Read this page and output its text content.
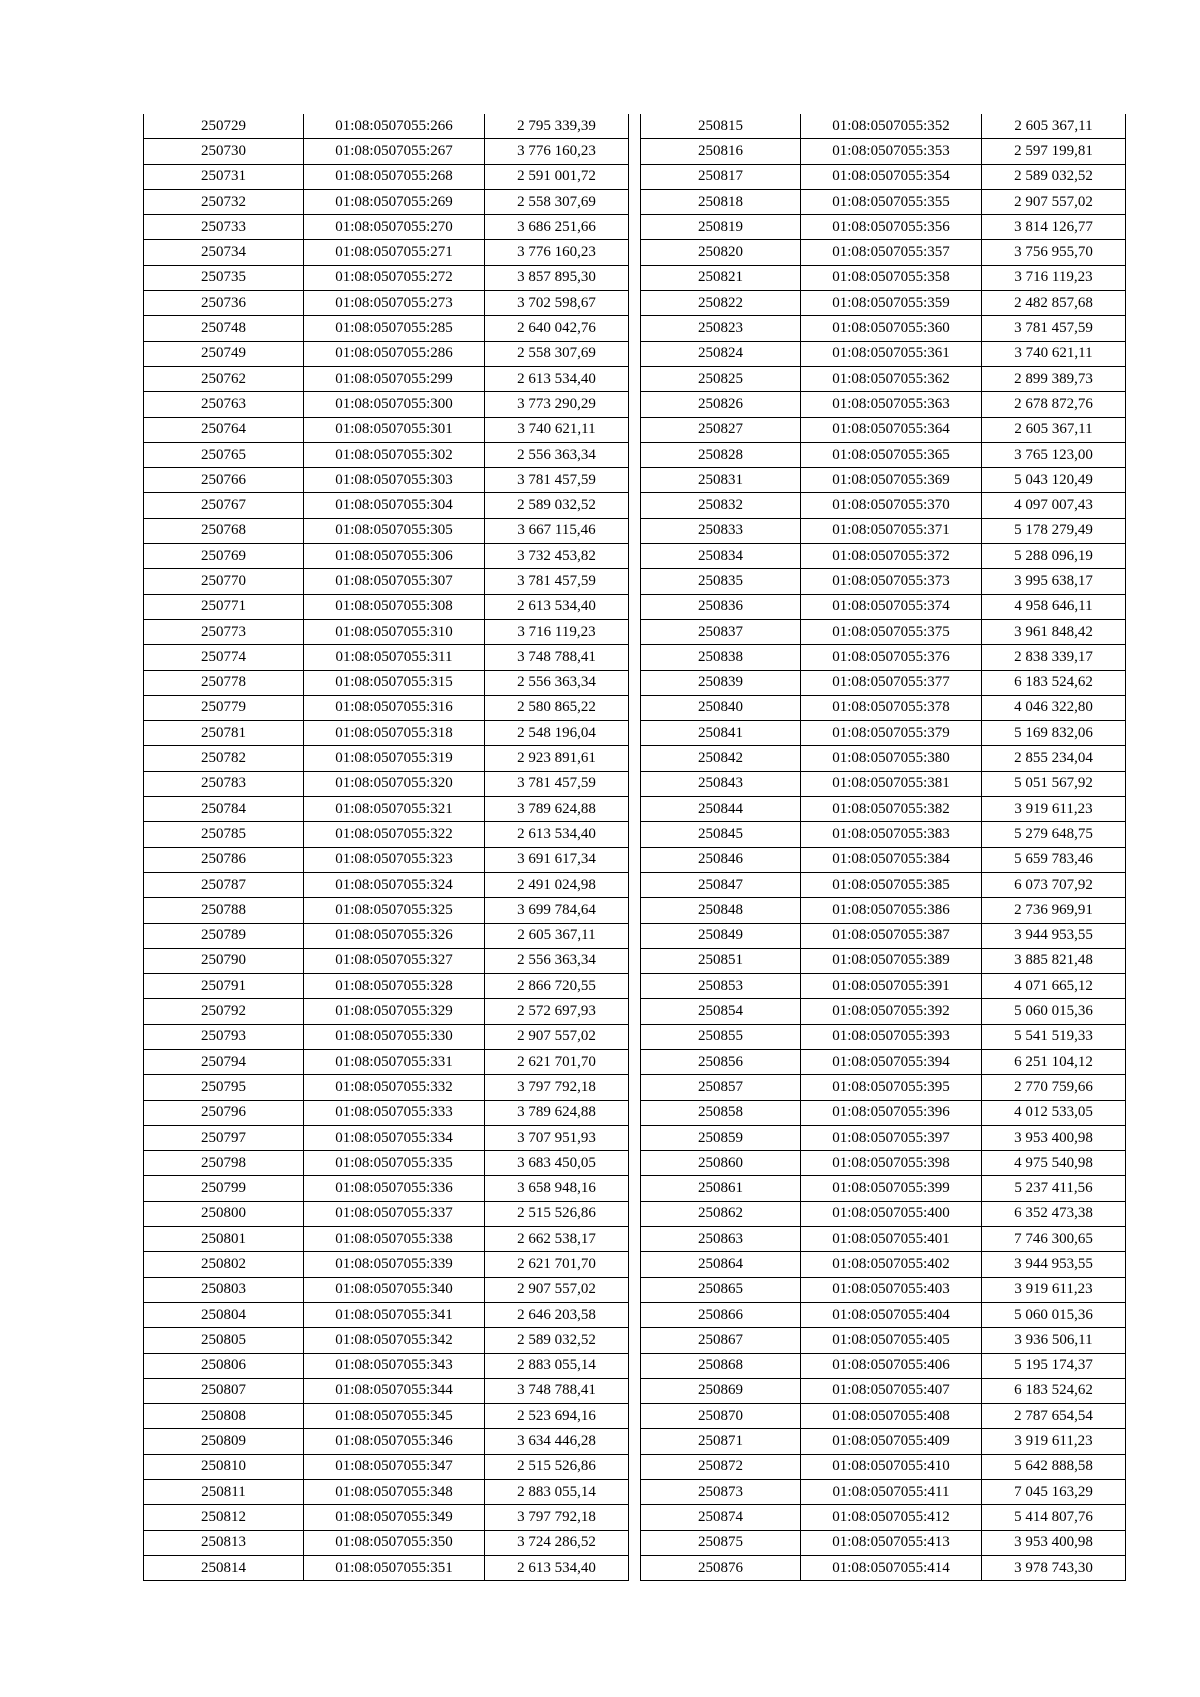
250729	01:08:0507055:266	2 795 339,39
250730	01:08:0507055:267	3 776 160,23
250731	01:08:0507055:268	2 591 001,72
250732	01:08:0507055:269	2 558 307,69
250733	01:08:0507055:270	3 686 251,66
250734	01:08:0507055:271	3 776 160,23
250735	01:08:0507055:272	3 857 895,30
250736	01:08:0507055:273	3 702 598,67
250748	01:08:0507055:285	2 640 042,76
250749	01:08:0507055:286	2 558 307,69
250762	01:08:0507055:299	2 613 534,40
250763	01:08:0507055:300	3 773 290,29
250764	01:08:0507055:301	3 740 621,11
250765	01:08:0507055:302	2 556 363,34
250766	01:08:0507055:303	3 781 457,59
250767	01:08:0507055:304	2 589 032,52
250768	01:08:0507055:305	3 667 115,46
250769	01:08:0507055:306	3 732 453,82
250770	01:08:0507055:307	3 781 457,59
250771	01:08:0507055:308	2 613 534,40
250773	01:08:0507055:310	3 716 119,23
250774	01:08:0507055:311	3 748 788,41
250778	01:08:0507055:315	2 556 363,34
250779	01:08:0507055:316	2 580 865,22
250781	01:08:0507055:318	2 548 196,04
250782	01:08:0507055:319	2 923 891,61
250783	01:08:0507055:320	3 781 457,59
250784	01:08:0507055:321	3 789 624,88
250785	01:08:0507055:322	2 613 534,40
250786	01:08:0507055:323	3 691 617,34
250787	01:08:0507055:324	2 491 024,98
250788	01:08:0507055:325	3 699 784,64
250789	01:08:0507055:326	2 605 367,11
250790	01:08:0507055:327	2 556 363,34
250791	01:08:0507055:328	2 866 720,55
250792	01:08:0507055:329	2 572 697,93
250793	01:08:0507055:330	2 907 557,02
250794	01:08:0507055:331	2 621 701,70
250795	01:08:0507055:332	3 797 792,18
250796	01:08:0507055:333	3 789 624,88
250797	01:08:0507055:334	3 707 951,93
250798	01:08:0507055:335	3 683 450,05
250799	01:08:0507055:336	3 658 948,16
250800	01:08:0507055:337	2 515 526,86
250801	01:08:0507055:338	2 662 538,17
250802	01:08:0507055:339	2 621 701,70
250803	01:08:0507055:340	2 907 557,02
250804	01:08:0507055:341	2 646 203,58
250805	01:08:0507055:342	2 589 032,52
250806	01:08:0507055:343	2 883 055,14
250807	01:08:0507055:344	3 748 788,41
250808	01:08:0507055:345	2 523 694,16
250809	01:08:0507055:346	3 634 446,28
250810	01:08:0507055:347	2 515 526,86
250811	01:08:0507055:348	2 883 055,14
250812	01:08:0507055:349	3 797 792,18
250813	01:08:0507055:350	3 724 286,52
250814	01:08:0507055:351	2 613 534,40
250815	01:08:0507055:352	2 605 367,11
250816	01:08:0507055:353	2 597 199,81
250817	01:08:0507055:354	2 589 032,52
250818	01:08:0507055:355	2 907 557,02
250819	01:08:0507055:356	3 814 126,77
250820	01:08:0507055:357	3 756 955,70
250821	01:08:0507055:358	3 716 119,23
250822	01:08:0507055:359	2 482 857,68
250823	01:08:0507055:360	3 781 457,59
250824	01:08:0507055:361	3 740 621,11
250825	01:08:0507055:362	2 899 389,73
250826	01:08:0507055:363	2 678 872,76
250827	01:08:0507055:364	2 605 367,11
250828	01:08:0507055:365	3 765 123,00
250831	01:08:0507055:369	5 043 120,49
250832	01:08:0507055:370	4 097 007,43
250833	01:08:0507055:371	5 178 279,49
250834	01:08:0507055:372	5 288 096,19
250835	01:08:0507055:373	3 995 638,17
250836	01:08:0507055:374	4 958 646,11
250837	01:08:0507055:375	3 961 848,42
250838	01:08:0507055:376	2 838 339,17
250839	01:08:0507055:377	6 183 524,62
250840	01:08:0507055:378	4 046 322,80
250841	01:08:0507055:379	5 169 832,06
250842	01:08:0507055:380	2 855 234,04
250843	01:08:0507055:381	5 051 567,92
250844	01:08:0507055:382	3 919 611,23
250845	01:08:0507055:383	5 279 648,75
250846	01:08:0507055:384	5 659 783,46
250847	01:08:0507055:385	6 073 707,92
250848	01:08:0507055:386	2 736 969,91
250849	01:08:0507055:387	3 944 953,55
250851	01:08:0507055:389	3 885 821,48
250853	01:08:0507055:391	4 071 665,12
250854	01:08:0507055:392	5 060 015,36
250855	01:08:0507055:393	5 541 519,33
250856	01:08:0507055:394	6 251 104,12
250857	01:08:0507055:395	2 770 759,66
250858	01:08:0507055:396	4 012 533,05
250859	01:08:0507055:397	3 953 400,98
250860	01:08:0507055:398	4 975 540,98
250861	01:08:0507055:399	5 237 411,56
250862	01:08:0507055:400	6 352 473,38
250863	01:08:0507055:401	7 746 300,65
250864	01:08:0507055:402	3 944 953,55
250865	01:08:0507055:403	3 919 611,23
250866	01:08:0507055:404	5 060 015,36
250867	01:08:0507055:405	3 936 506,11
250868	01:08:0507055:406	5 195 174,37
250869	01:08:0507055:407	6 183 524,62
250870	01:08:0507055:408	2 787 654,54
250871	01:08:0507055:409	3 919 611,23
250872	01:08:0507055:410	5 642 888,58
250873	01:08:0507055:411	7 045 163,29
250874	01:08:0507055:412	5 414 807,76
250875	01:08:0507055:413	3 953 400,98
250876	01:08:0507055:414	3 978 743,30
